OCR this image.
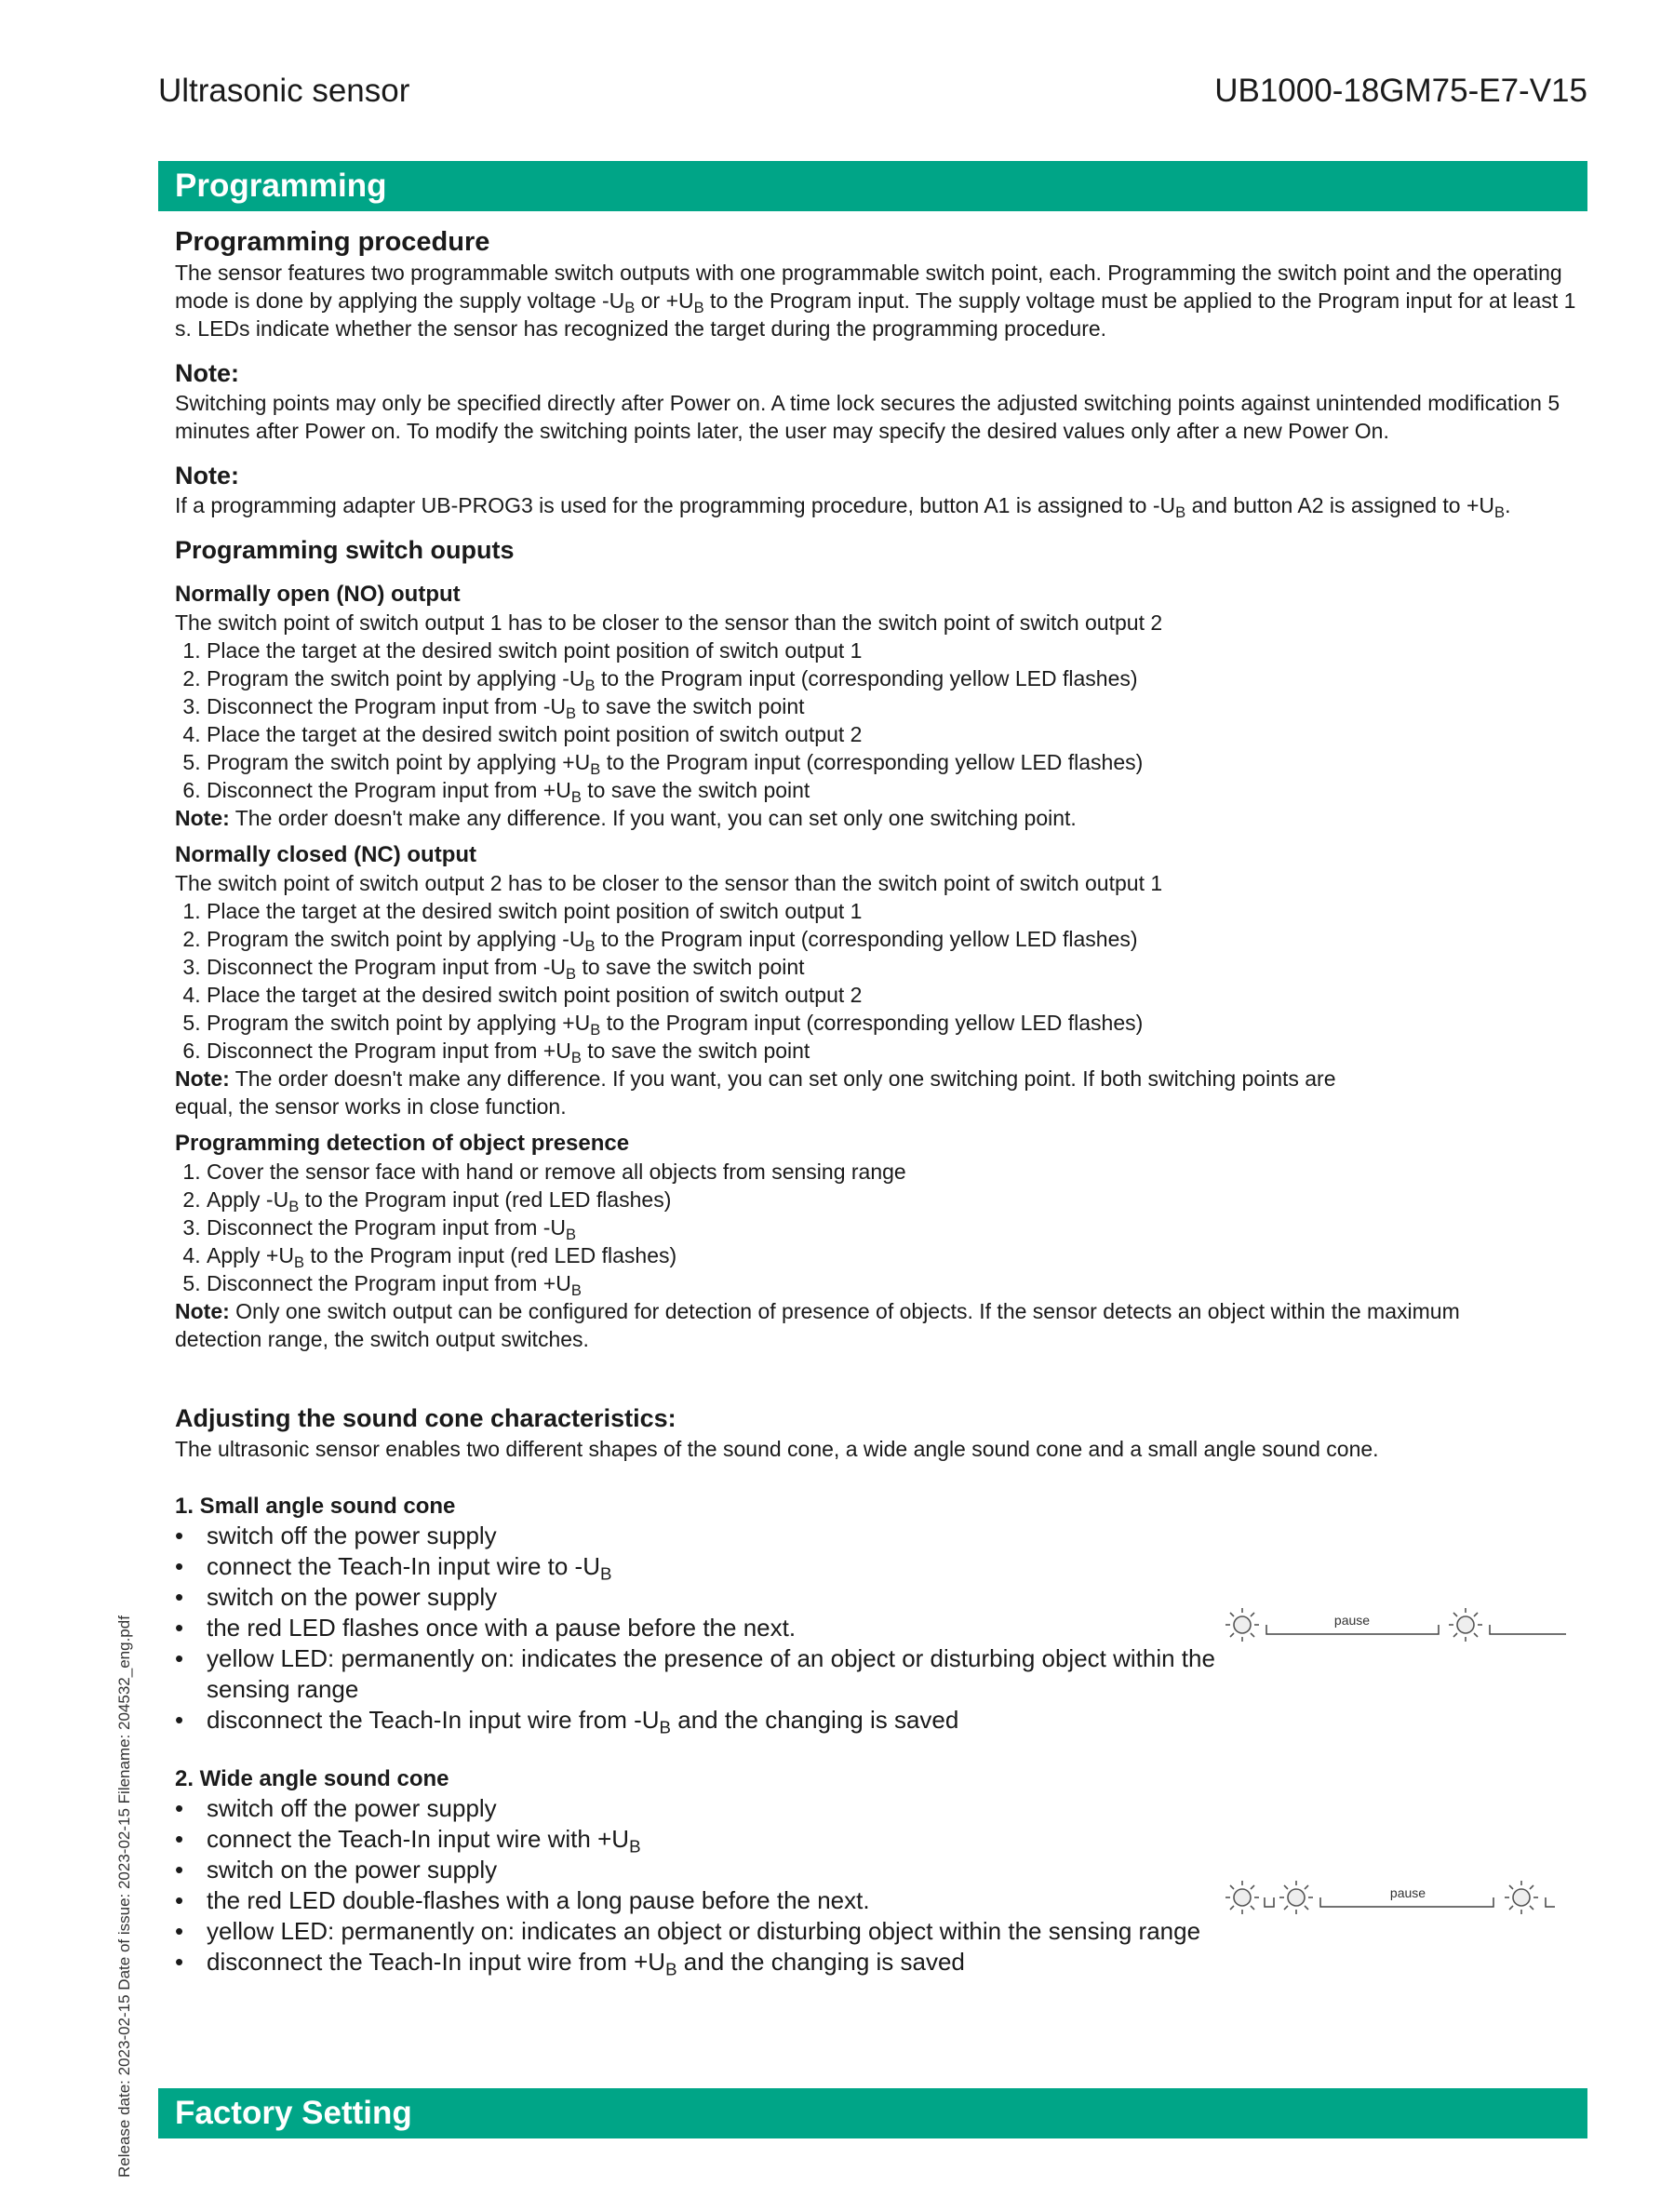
Ultrasonic sensor	UB1000-18GM75-E7-V15
Programming
Programming procedure

The sensor features two programmable switch outputs with one programmable switch point, each. Programming the switch point and the operating mode is done by applying the supply voltage $-U_B$ or $+U_B$ to the Program input. The supply voltage must be applied to the Program input for at least 1 s. LEDs indicate whether the sensor has recognized the target during the programming procedure.

Note:

Switching points may only be specified directly after Power on. A time lock secures the adjusted switching points against unintended modification 5 minutes after Power on. To modify the switching points later, the user may specify the desired values only after a new Power On.

Note:

If a programming adapter UB-PROG3 is used for the programming procedure, button A1 is assigned to $-U_B$ and button A2 is assigned to $+U_B$.

Programming switch ouputs
Normally open (NO) output

The switch point of switch output 1 has to be closer to the sensor than the switch point of switch output 2

1. Place the target at the desired switch point position of switch output 1
2. Program the switch point by applying $-U_B$ to the Program input (corresponding yellow LED flashes)
3. Disconnect the Program input from $-U_B$ to save the switch point
4. Place the target at the desired switch point position of switch output 2
5. Program the switch point by applying $+U_B$ to the Program input (corresponding yellow LED flashes)
6. Disconnect the Program input from $+U_B$ to save the switch point

Note: The order doesn't make any difference. If you want, you can set only one switching point.

Normally closed (NC) output

The switch point of switch output 2 has to be closer to the sensor than the switch point of switch output 1

1. Place the target at the desired switch point position of switch output 1
2. Program the switch point by applying $-U_B$ to the Program input (corresponding yellow LED flashes)
3. Disconnect the Program input from $-U_B$ to save the switch point
4. Place the target at the desired switch point position of switch output 2
5. Program the switch point by applying $+U_B$ to the Program input (corresponding yellow LED flashes)
6. Disconnect the Program input from $+U_B$ to save the switch point

Note: The order doesn't make any difference. If you want, you can set only one switching point. If both switching points are equal, the sensor works in close function.

Programming detection of object presence
1. Cover the sensor face with hand or remove all objects from sensing range
2. Apply $-U_B$ to the Program input (red LED flashes)
3. Disconnect the Program input from $-U_B$
4. Apply $+U_B$ to the Program input (red LED flashes)
5. Disconnect the Program input from $+U_B$

Note: Only one switch output can be configured for detection of presence of objects. If the sensor detects an object within the maximum detection range, the switch output switches.

Adjusting the sound cone characteristics:

The ultrasonic sensor enables two different shapes of the sound cone, a wide angle sound cone and a small angle sound cone.

1. Small angle sound cone
• switch off the power supply
• connect the Teach-In input wire to $-U_B$
• switch on the power supply
• the red LED flashes once with a pause before the next.
• yellow LED: permanently on: indicates the presence of an object or disturbing object within the sensing range
• disconnect the Teach-In input wire from $-U_B$ and the changing is saved
pause
2. Wide angle sound cone
• switch off the power supply
• connect the Teach-In input wire with $+U_B$
• switch on the power supply
• the red LED double-flashes with a long pause before the next.
• yellow LED: permanently on: indicates an object or disturbing object within the sensing range
• disconnect the Teach-In input wire from $+U_B$ and the changing is saved
pause
Factory Setting
Release date: 2023-02-15 Date of issue: 2023-02-15 Filename: 204532_eng.pdf
